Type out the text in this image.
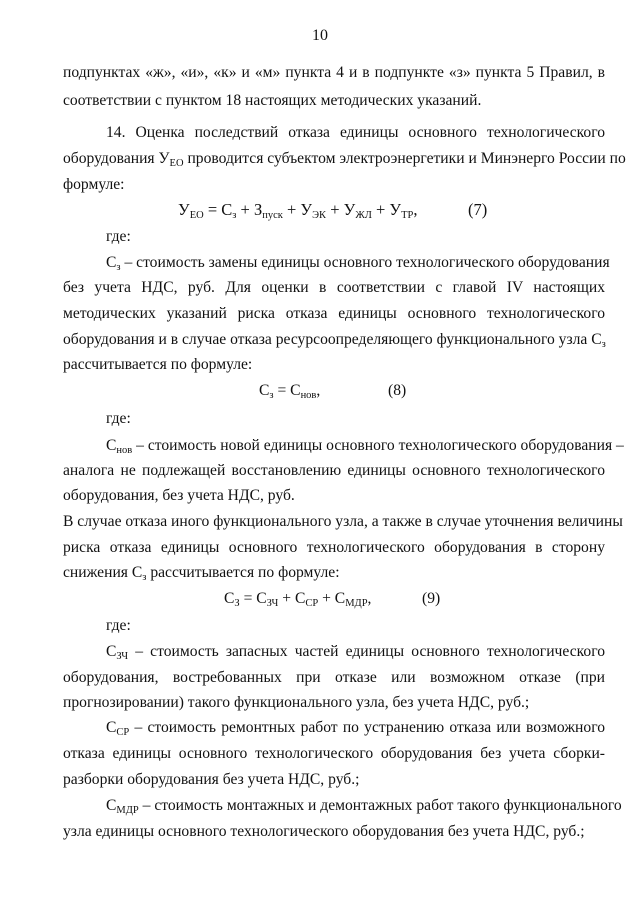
10
подпунктах «ж», «и», «к» и «м» пункта 4 и в подпункте «з» пункта 5 Правил, в
соответствии с пунктом 18 настоящих методических указаний.
14. Оценка последствий отказа единицы основного технологического
оборудования $У_{ЕО}$ проводится субъектом электроэнергетики и Минэнерго России по
формуле:
$У_{ЕО} = С_з + З_{пуск} + У_{ЭК} + У_{ЖЛ} + У_{ТР}$,	(7)
где:
$С_з$ – стоимость замены единицы основного технологического оборудования
без учета НДС, руб. Для оценки в соответствии с главой IV настоящих
методических указаний риска отказа единицы основного технологического
оборудования и в случае отказа ресурсоопределяющего функционального узла $С_з$
рассчитывается по формуле:
$С_з = С_{нов}$,	(8)
где:
$С_{нов}$ – стоимость новой единицы основного технологического оборудования –
аналога не подлежащей восстановлению единицы основного технологического
оборудования, без учета НДС, руб.
В случае отказа иного функционального узла, а также в случае уточнения величины
риска отказа единицы основного технологического оборудования в сторону
снижения $С_з$ рассчитывается по формуле:
$С_З = С_{ЗЧ} + С_{СР} + С_{МДР}$,	(9)
где:
$С_{ЗЧ}$ – стоимость запасных частей единицы основного технологического
оборудования, востребованных при отказе или возможном отказе (при
прогнозировании) такого функционального узла, без учета НДС, руб.;
$С_{СР}$ – стоимость ремонтных работ по устранению отказа или возможного
отказа единицы основного технологического оборудования без учета сборки-
разборки оборудования без учета НДС, руб.;
$С_{МДР}$ – стоимость монтажных и демонтажных работ такого функционального
узла единицы основного технологического оборудования без учета НДС, руб.;
